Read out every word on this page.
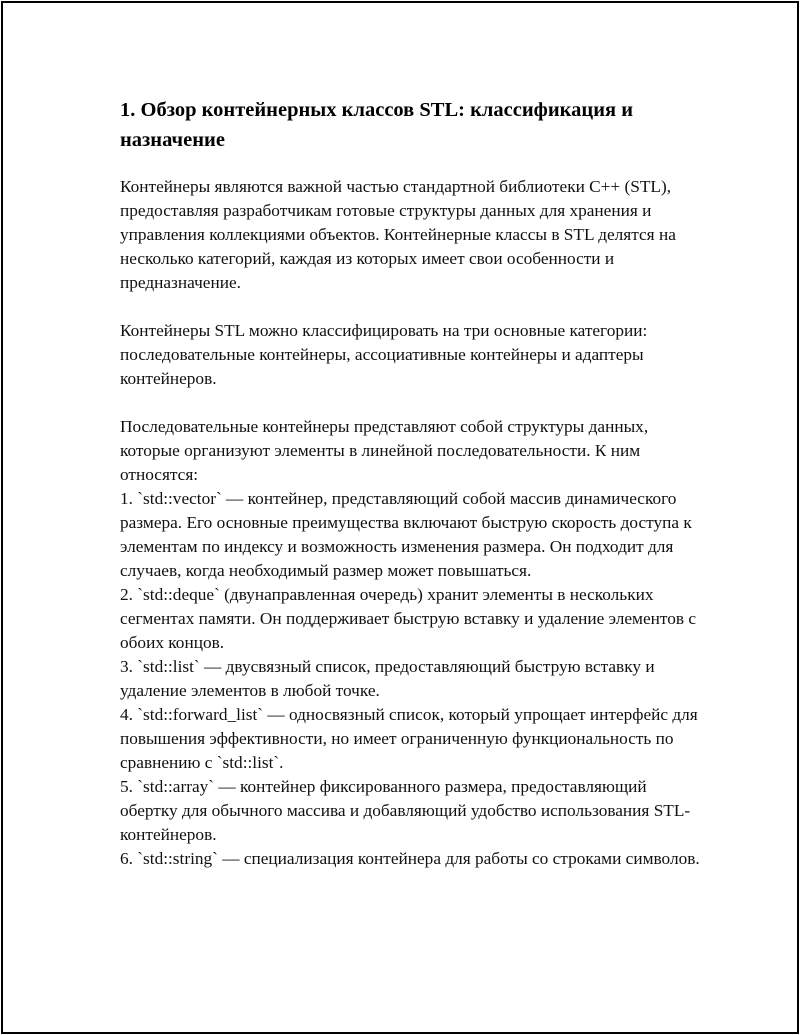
1. Обзор контейнерных классов STL: классификация и назначение

Контейнеры являются важной частью стандартной библиотеки C++ (STL), предоставляя разработчикам готовые структуры данных для хранения и управления коллекциями объектов. Контейнерные классы в STL делятся на несколько категорий, каждая из которых имеет свои особенности и предназначение.

Контейнеры STL можно классифицировать на три основные категории: последовательные контейнеры, ассоциативные контейнеры и адаптеры контейнеров.

Последовательные контейнеры представляют собой структуры данных, которые организуют элементы в линейной последовательности. К ним относятся:
1. `std::vector` — контейнер, представляющий собой массив динамического размера. Его основные преимущества включают быструю скорость доступа к элементам по индексу и возможность изменения размера. Он подходит для случаев, когда необходимый размер может повышаться.
2. `std::deque` (двунаправленная очередь) хранит элементы в нескольких сегментах памяти. Он поддерживает быструю вставку и удаление элементов с обоих концов.
3. `std::list` — двусвязный список, предоставляющий быструю вставку и удаление элементов в любой точке.
4. `std::forward_list` — односвязный список, который упрощает интерфейс для повышения эффективности, но имеет ограниченную функциональность по сравнению с `std::list`.
5. `std::array` — контейнер фиксированного размера, предоставляющий обертку для обычного массива и добавляющий удобство использования STL-контейнеров.
6. `std::string` — специализация контейнера для работы со строками символов.
